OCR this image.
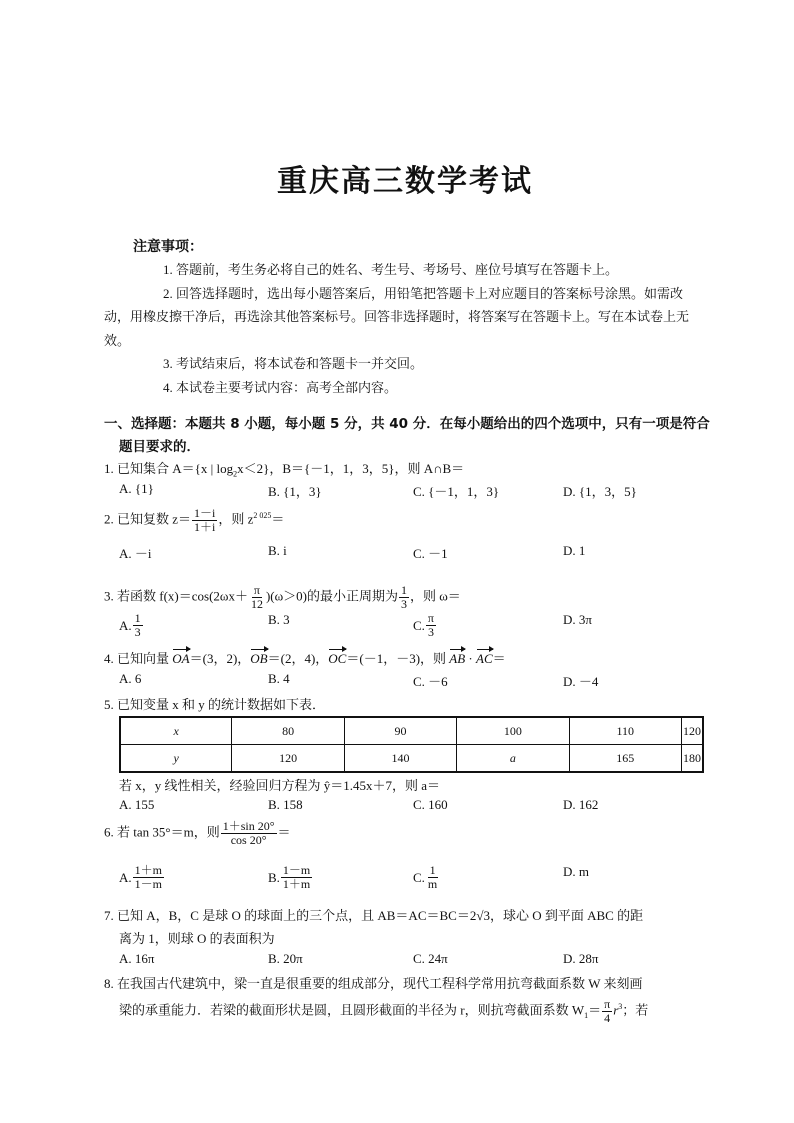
重庆高三数学考试
注意事项：

1. 答题前，考生务必将自己的姓名、考生号、考场号、座位号填写在答题卡上。

2. 回答选择题时，选出每小题答案后，用铅笔把答题卡上对应题目的答案标号涂黑。如需改动，用橡皮擦干净后，再选涂其他答案标号。回答非选择题时，将答案写在答题卡上。写在本试卷上无效。

3. 考试结束后，将本试卷和答题卡一并交回。

4. 本试卷主要考试内容：高考全部内容。

一、选择题：本题共 8 小题，每小题 5 分，共 40 分．在每小题给出的四个选项中，只有一项是符合
题目要求的．
1. 已知集合 A＝{x | $\log_2x<2$}，B＝{－1，1，3，5}，则 A∩B＝
A. {1}	B. {1，3}	C. {－1，1，3}	D. {1，3，5}
2. 已知复数 $z= \frac{1-i}{1+i}$ ，则 $z^{2 025}=$
A. －i	B. i	C. －1	D. 1
3. 若函数 $f(x)=\cos(2\omega x+ \frac{\pi}{12} )(\omega>0)$的最小正周期为 $\frac{1}{3}$ ，则 ω＝
A. $\frac{1}{3}$	B. 3	C. $\frac{\pi}{3}$	D. 3π
4. 已知向量 OA＝(3，2)，OB＝(2，4)，OC＝(－1，－3)，则 AB · AC＝
A. 6	B. 4	C. －6	D. －4
5. 已知变量 x 和 y 的统计数据如下表．
x	80	90	100	110	120
y	120	140	a	165	180
若 x，y 线性相关，经验回归方程为 ŷ＝1.45x＋7，则 a＝
A. 155	B. 158	C. 160	D. 162
6. 若 tan 35°＝m，则 $\frac{1+\sin 20^\circ}{\cos 20^\circ}$ ＝
A. $\frac{1+m}{1-m}$	B. $\frac{1-m}{1+m}$	C. $\frac{1}{m}$	D. m
7. 已知 A，B，C 是球 O 的球面上的三个点，且 AB＝AC＝BC＝2√3，球心 O 到平面 ABC 的距
离为 1，则球 O 的表面积为
A. 16π	B. 20π	C. 24π	D. 28π
8. 在我国古代建筑中，梁一直是很重要的组成部分，现代工程科学常用抗弯截面系数 W 来刻画
梁的承重能力．若梁的截面形状是圆，且圆形截面的半径为 r，则抗弯截面系数 $W_1= \frac{\pi}{4} r^3$；若
